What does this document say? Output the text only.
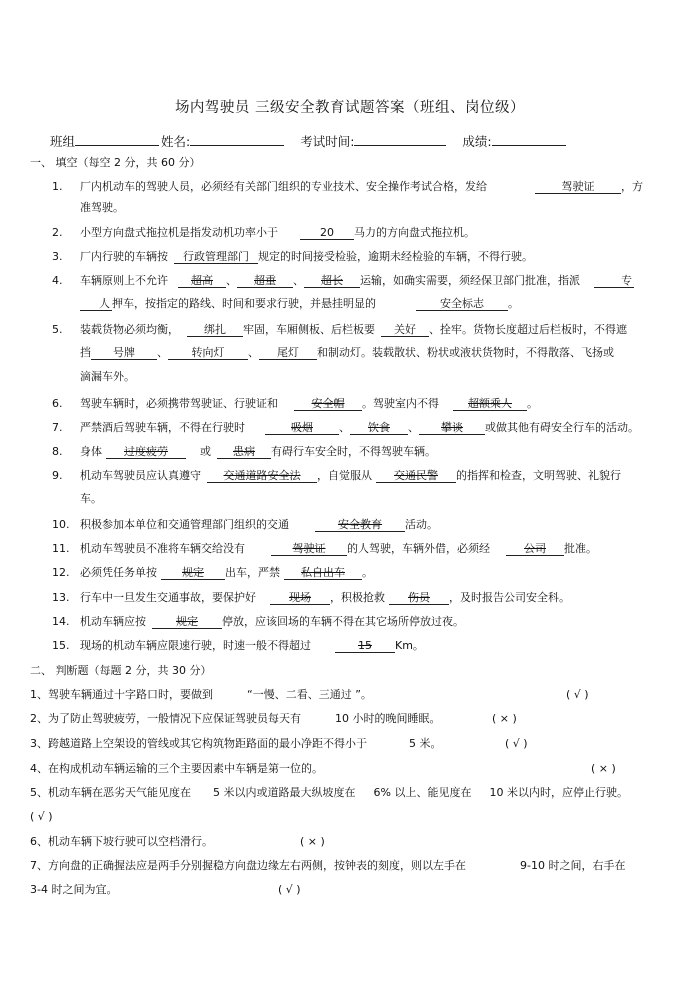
场内驾驶员 三级安全教育试题答案（班组、岗位级）
班组	姓名:	考试时间:	成绩:
一、 填空（每空 2 分，共 60 分）
1. 厂内机动车的驾驶人员，必须经有关部门组织的专业技术、安全操作考试合格，发给	驾驶证 ，方
准驾驶。
2. 小型方向盘式拖拉机是指发动机功率小于	20 马力的方向盘式拖拉机。
3. 厂内行驶的车辆按 行政管理部门 规定的时间接受检验，逾期未经检验的车辆，不得行驶。
4. 车辆原则上不允许 超高 、 超重 、 超长 运输，如确实需要，须经保卫部门批准，指派	专
人 押车，按指定的路线、时间和要求行驶，并悬挂明显的	安全标志 。
5. 装载货物必须均衡， 绑扎 牢固，车厢侧板、后栏板要 关好 、拴牢。货物长度超过后栏板时，不得遮
挡 号牌 、 转向灯 、 尾灯 和制动灯。装载散状、粉状或液状货物时，不得散落、飞扬或
滴漏车外。
6. 驾驶车辆时，必须携带驾驶证、行驶证和	安全帽 。驾驶室内不得	超额乘人 。
7. 严禁酒后驾驶车辆，不得在行驶时	吸烟 、 饮食 、 攀谈 或做其他有碍安全行车的活动。
8. 身体 过度疲劳	或 患病 有碍行车安全时，不得驾驶车辆。
9. 机动车驾驶员应认真遵守 交通道路安全法 ，自觉服从 交通民警 的指挥和检查，文明驾驶、礼貌行
车。
10. 积极参加本单位和交通管理部门组织的交通	安全教育 活动。
11. 机动车驾驶员不准将车辆交给没有	驾驶证 的人驾驶，车辆外借，必须经	公司 批准。
12. 必须凭任务单按 规定 出车，严禁 私自出车 。
13. 行车中一旦发生交通事故，要保护好	现场 ，积极抢救 伤员 ，及时报告公司安全科。
14. 机动车辆应按	规定 停放，应该回场的车辆不得在其它场所停放过夜。
15. 现场的机动车辆应限速行驶，时速一般不得超过	15 Km。
二、 判断题（每题 2 分，共 30 分）
1、驾驶车辆通过十字路口时，要做到	“一慢、二看、三通过 ”。	( √ )
2、为了防止驾驶疲劳，一般情况下应保证驾驶员每天有	10 小时的晚间睡眠。	( × )
3、跨越道路上空架设的管线或其它构筑物距路面的最小净距不得小于	5 米。	( √ )
4、在构成机动车辆运输的三个主要因素中车辆是第一位的。	( × )
5、机动车辆在恶劣天气能见度在 5 米以内或道路最大纵坡度在 6% 以上、能见度在 10 米以内时，应停止行驶。
( √ )
6、机动车辆下坡行驶可以空档滑行。	( × )
7、方向盘的正确握法应是两手分别握稳方向盘边缘左右两侧，按钟表的刻度，则以左手在	9-10 时之间，右手在
3-4 时之间为宜。	( √ )
